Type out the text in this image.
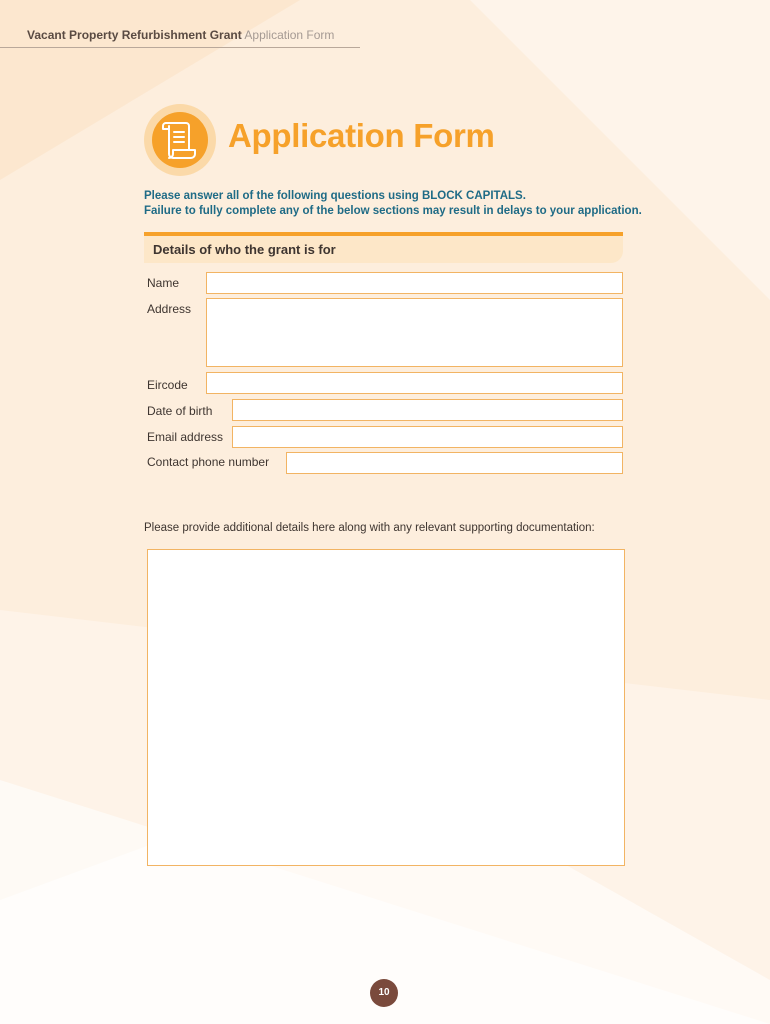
Vacant Property Refurbishment Grant Application Form
Application Form
Please answer all of the following questions using BLOCK CAPITALS.
Failure to fully complete any of the below sections may result in delays to your application.
Details of who the grant is for
Name
Address
Eircode
Date of birth
Email address
Contact phone number
Please provide additional details here along with any relevant supporting documentation:
10
